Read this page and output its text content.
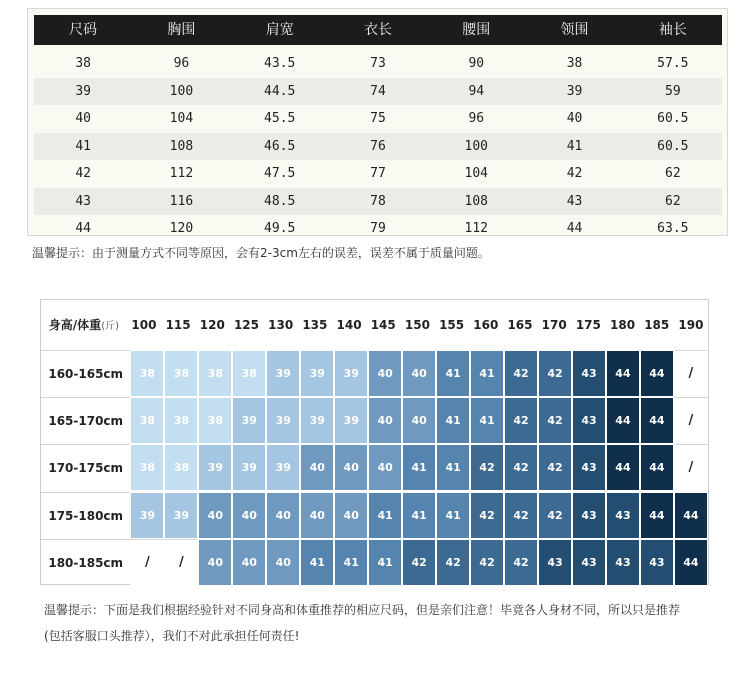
尺码	胸围	肩宽	衣长	腰围	领围	袖长
38	96	43.5	73	90	38	57.5
39	100	44.5	74	94	39	59
40	104	45.5	75	96	40	60.5
41	108	46.5	76	100	41	60.5
42	112	47.5	77	104	42	62
43	116	48.5	78	108	43	62
44	120	49.5	79	112	44	63.5
温馨提示：由于测量方式不同等原因，会有2-3cm左右的误差，误差不属于质量问题。
身高/体重(斤)	100 115 120 125 130 135 140 145 150 155 160 165 170 175 180 185 190
160-165cm	38	38	38	38	39	39	39	40	40	41	41	42	42	43	44	44	/
165-170cm	38	38	38	39	39	39	39	40	40	41	41	42	42	43	44	44	/
170-175cm	38	38	39	39	39	40	40	40	41	41	42	42	42	43	44	44	/
175-180cm	39	39	40	40	40	40	40	41	41	41	42	42	42	43	43	44	44
180-185cm	/	/	40	40	40	41	41	41	42	42	42	42	43	43	43	43	44
温馨提示：下面是我们根据经验针对不同身高和体重推荐的相应尺码，但是亲们注意！毕竟各人身材不同，所以只是推荐
(包括客服口头推荐），我们不对此承担任何责任!
